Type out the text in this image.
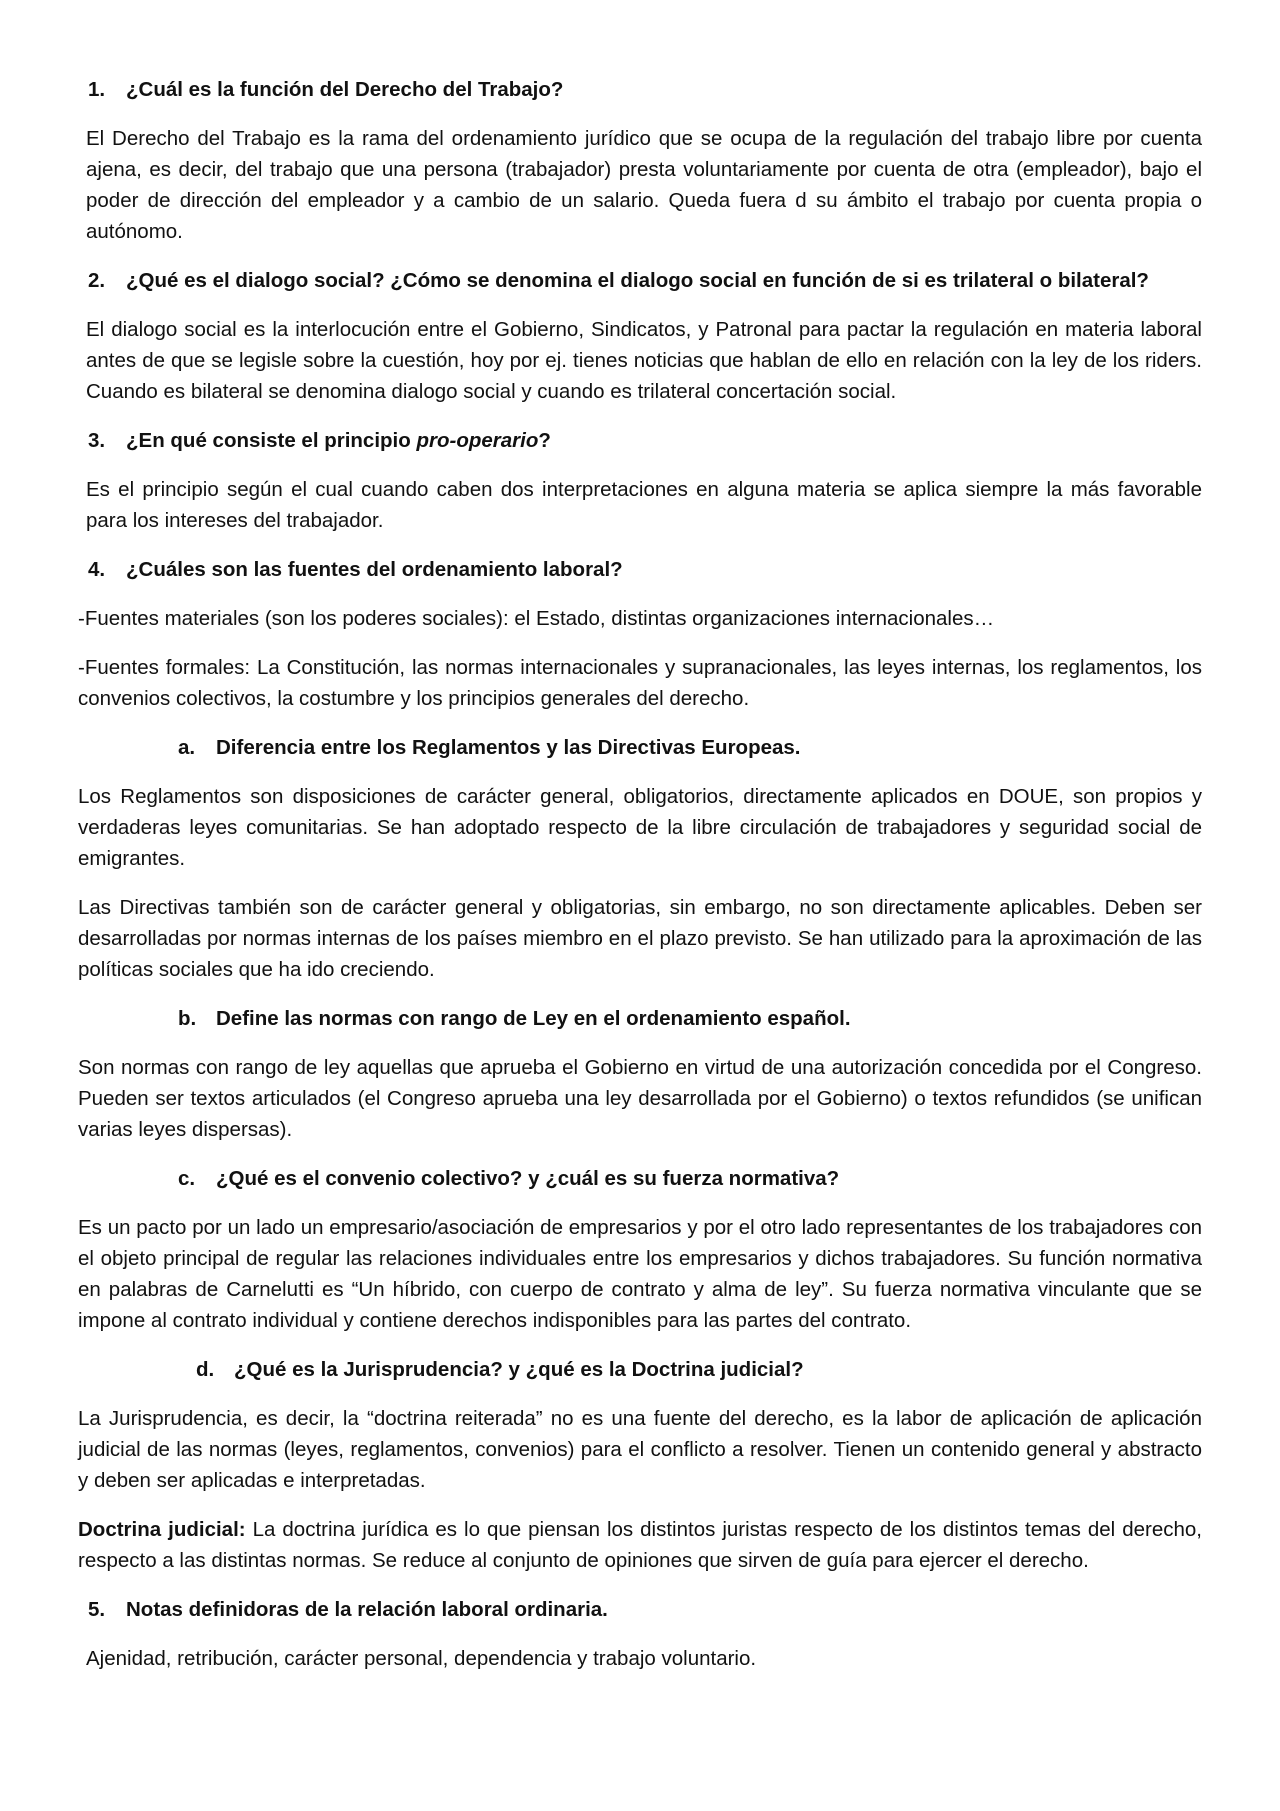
1.	¿Cuál es la función del Derecho del Trabajo?

El Derecho del Trabajo es la rama del ordenamiento jurídico que se ocupa de la regulación del trabajo libre por cuenta ajena, es decir, del trabajo que una persona (trabajador) presta voluntariamente por cuenta de otra (empleador), bajo el poder de dirección del empleador y a cambio de un salario. Queda fuera d su ámbito el trabajo por cuenta propia o autónomo.

2.	¿Qué es el dialogo social? ¿Cómo se denomina el dialogo social en función de si es trilateral o bilateral?

El dialogo social es la interlocución entre el Gobierno, Sindicatos, y Patronal para pactar la regulación en materia laboral antes de que se legisle sobre la cuestión, hoy por ej. tienes noticias que hablan de ello en relación con la ley de los riders. Cuando es bilateral se denomina dialogo social y cuando es trilateral concertación social.

3.	¿En qué consiste el principio pro-operario?

Es el principio según el cual cuando caben dos interpretaciones en alguna materia se aplica siempre la más favorable para los intereses del trabajador.

4.	¿Cuáles son las fuentes del ordenamiento laboral?

-Fuentes materiales (son los poderes sociales): el Estado, distintas organizaciones internacionales…

-Fuentes formales: La Constitución, las normas internacionales y supranacionales, las leyes internas, los reglamentos, los convenios colectivos, la costumbre y los principios generales del derecho.

a.	Diferencia entre los Reglamentos y las Directivas Europeas.

Los Reglamentos son disposiciones de carácter general, obligatorios, directamente aplicados en DOUE, son propios y verdaderas leyes comunitarias. Se han adoptado respecto de la libre circulación de trabajadores y seguridad social de emigrantes.

Las Directivas también son de carácter general y obligatorias, sin embargo, no son directamente aplicables. Deben ser desarrolladas por normas internas de los países miembro en el plazo previsto. Se han utilizado para la aproximación de las políticas sociales que ha ido creciendo.

b. Define las normas con rango de Ley en el ordenamiento español.

Son normas con rango de ley aquellas que aprueba el Gobierno en virtud de una autorización concedida por el Congreso. Pueden ser textos articulados (el Congreso aprueba una ley desarrollada por el Gobierno) o textos refundidos (se unifican varias leyes dispersas).

c.	¿Qué es el convenio colectivo? y ¿cuál es su fuerza normativa?

Es un pacto por un lado un empresario/asociación de empresarios y por el otro lado representantes de los trabajadores con el objeto principal de regular las relaciones individuales entre los empresarios y dichos trabajadores. Su función normativa en palabras de Carnelutti es “Un híbrido, con cuerpo de contrato y alma de ley”. Su fuerza normativa vinculante que se impone al contrato individual y contiene derechos indisponibles para las partes del contrato.

d. ¿Qué es la Jurisprudencia? y ¿qué es la Doctrina judicial?

La Jurisprudencia, es decir, la “doctrina reiterada” no es una fuente del derecho, es la labor de aplicación de aplicación judicial de las normas (leyes, reglamentos, convenios) para el conflicto a resolver. Tienen un contenido general y abstracto y deben ser aplicadas e interpretadas.

Doctrina judicial: La doctrina jurídica es lo que piensan los distintos juristas respecto de los distintos temas del derecho, respecto a las distintas normas. Se reduce al conjunto de opiniones que sirven de guía para ejercer el derecho.

5.	Notas definidoras de la relación laboral ordinaria.

Ajenidad, retribución, carácter personal, dependencia y trabajo voluntario.
